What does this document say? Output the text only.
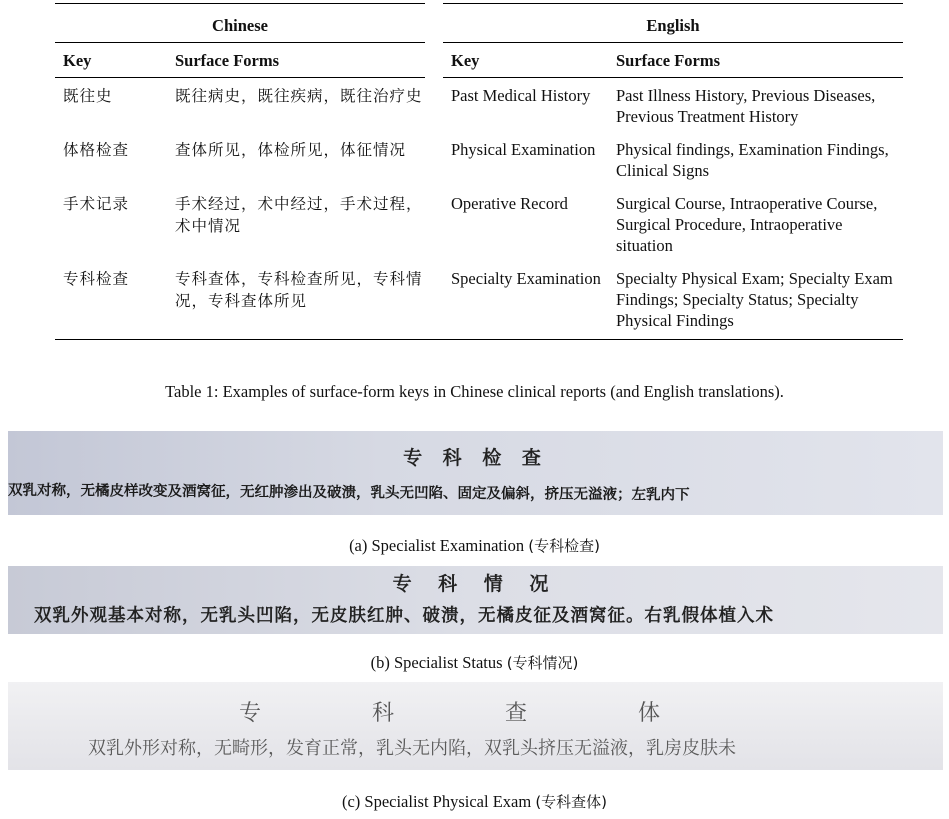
Chinese			English	
Key	Surface Forms		Key	Surface Forms
既往史	既往病史，既往疾病，既往治疗史		Past Medical History	Past Illness History, Previous Diseases, Previous Treatment History
体格检查	查体所见，体检所见，体征情况		Physical Examination	Physical findings, Examination Findings, Clinical Signs
手术记录	手术经过，术中经过，手术过程，术中情况		Operative Record	Surgical Course, Intraoperative Course, Surgical Procedure, Intraoperative situation
专科检查	专科查体，专科检查所见，专科情况，专科查体所见		Specialty Examination	Specialty Physical Exam; Specialty Exam Findings; Specialty Status; Specialty Physical Findings
Table 1: Examples of surface-form keys in Chinese clinical reports (and English translations).
专 科 检 查
双乳对称，无橘皮样改变及酒窝征，无红肿渗出及破溃，乳头无凹陷、固定及偏斜，挤压无溢液；左乳内下
(a) Specialist Examination (专科检查)
专 科 情 况
双乳外观基本对称，无乳头凹陷，无皮肤红肿、破溃，无橘皮征及酒窝征。右乳假体植入术
(b) Specialist Status (专科情况)
专 科 查 体
双乳外形对称，无畸形，发育正常，乳头无内陷，双乳头挤压无溢液，乳房皮肤未
(c) Specialist Physical Exam (专科查体)
